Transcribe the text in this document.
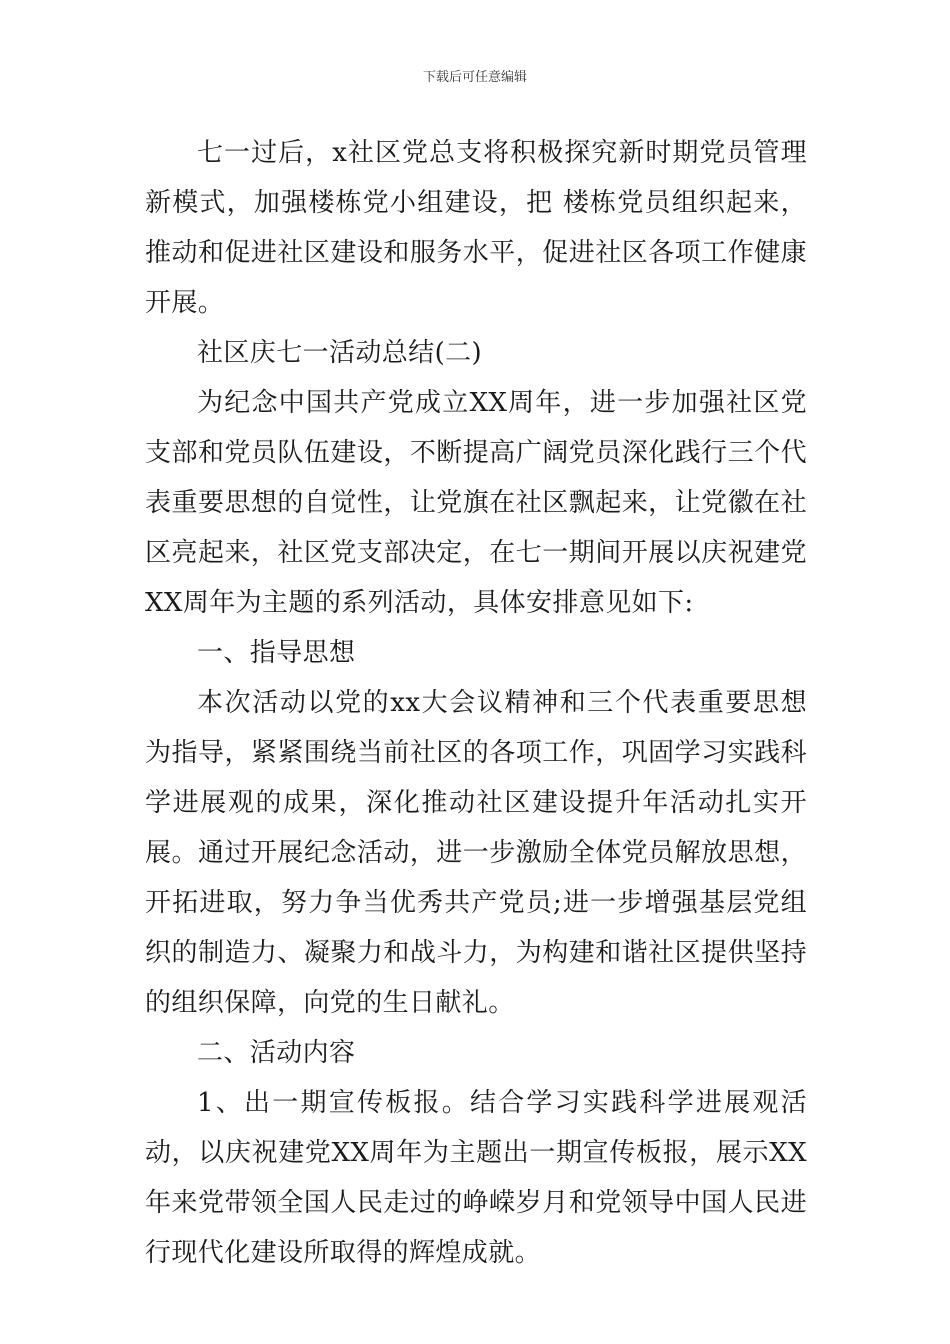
下载后可任意编辑

七一过后，x社区党总支将积极探究新时期党员管理新模式，加强楼栋党小组建设，把 楼栋党员组织起来，推动和促进社区建设和服务水平，促进社区各项工作健康开展。

社区庆七一活动总结(二)

为纪念中国共产党成立XX周年，进一步加强社区党支部和党员队伍建设，不断提高广阔党员深化践行三个代表重要思想的自觉性，让党旗在社区飘起来，让党徽在社区亮起来，社区党支部决定，在七一期间开展以庆祝建党XX周年为主题的系列活动，具体安排意见如下:

一、指导思想

本次活动以党的xx大会议精神和三个代表重要思想为指导，紧紧围绕当前社区的各项工作，巩固学习实践科学进展观的成果，深化推动社区建设提升年活动扎实开展。通过开展纪念活动，进一步激励全体党员解放思想，开拓进取，努力争当优秀共产党员;进一步增强基层党组织的制造力、凝聚力和战斗力，为构建和谐社区提供坚持的组织保障，向党的生日献礼。

二、活动内容

1、出一期宣传板报。结合学习实践科学进展观活动，以庆祝建党XX周年为主题出一期宣传板报，展示XX年来党带领全国人民走过的峥嵘岁月和党领导中国人民进行现代化建设所取得的辉煌成就。
